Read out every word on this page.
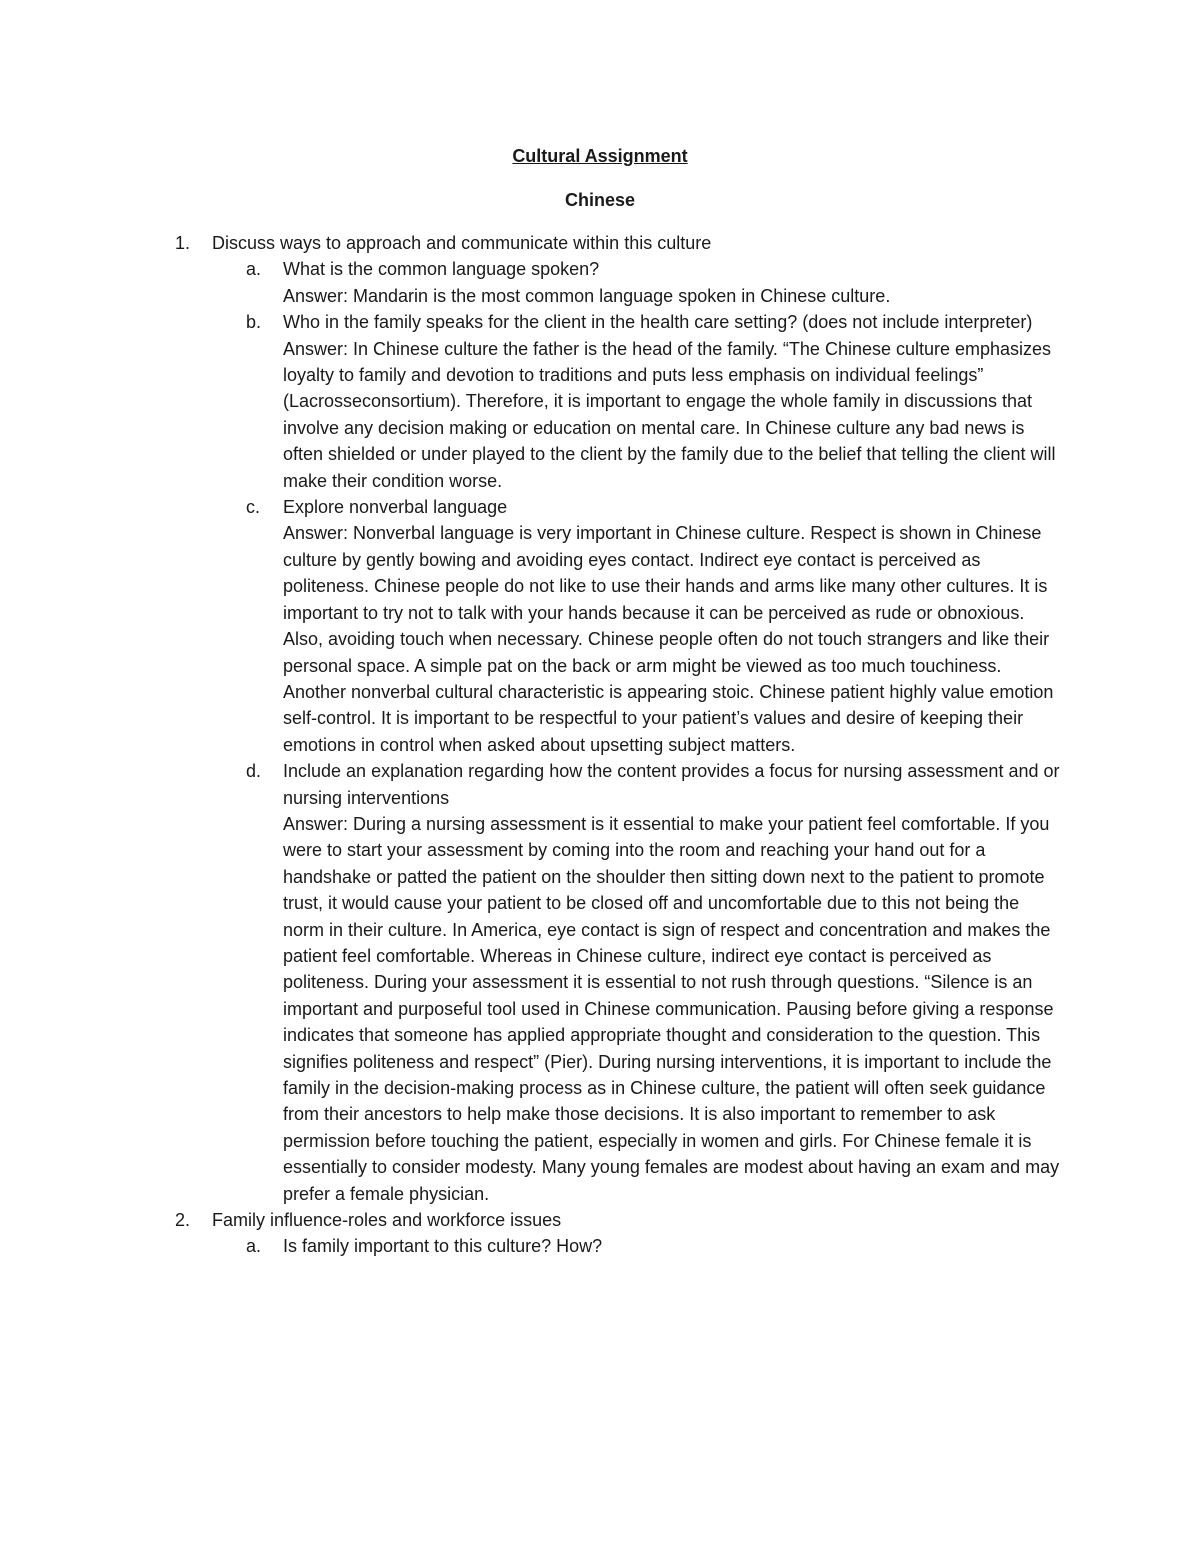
Cultural Assignment
Chinese
1. Discuss ways to approach and communicate within this culture
a. What is the common language spoken?
Answer: Mandarin is the most common language spoken in Chinese culture.
b. Who in the family speaks for the client in the health care setting? (does not include interpreter)
Answer: In Chinese culture the father is the head of the family. “The Chinese culture emphasizes loyalty to family and devotion to traditions and puts less emphasis on individual feelings” (Lacrosseconsortium). Therefore, it is important to engage the whole family in discussions that involve any decision making or education on mental care. In Chinese culture any bad news is often shielded or under played to the client by the family due to the belief that telling the client will make their condition worse.
c. Explore nonverbal language
Answer: Nonverbal language is very important in Chinese culture. Respect is shown in Chinese culture by gently bowing and avoiding eyes contact. Indirect eye contact is perceived as politeness. Chinese people do not like to use their hands and arms like many other cultures. It is important to try not to talk with your hands because it can be perceived as rude or obnoxious. Also, avoiding touch when necessary. Chinese people often do not touch strangers and like their personal space. A simple pat on the back or arm might be viewed as too much touchiness. Another nonverbal cultural characteristic is appearing stoic. Chinese patient highly value emotion self-control. It is important to be respectful to your patient’s values and desire of keeping their emotions in control when asked about upsetting subject matters.
d. Include an explanation regarding how the content provides a focus for nursing assessment and or nursing interventions
Answer: During a nursing assessment is it essential to make your patient feel comfortable. If you were to start your assessment by coming into the room and reaching your hand out for a handshake or patted the patient on the shoulder then sitting down next to the patient to promote trust, it would cause your patient to be closed off and uncomfortable due to this not being the norm in their culture. In America, eye contact is sign of respect and concentration and makes the patient feel comfortable. Whereas in Chinese culture, indirect eye contact is perceived as politeness. During your assessment it is essential to not rush through questions. “Silence is an important and purposeful tool used in Chinese communication. Pausing before giving a response indicates that someone has applied appropriate thought and consideration to the question. This signifies politeness and respect” (Pier). During nursing interventions, it is important to include the family in the decision-making process as in Chinese culture, the patient will often seek guidance from their ancestors to help make those decisions. It is also important to remember to ask permission before touching the patient, especially in women and girls. For Chinese female it is essentially to consider modesty. Many young females are modest about having an exam and may prefer a female physician.
2. Family influence-roles and workforce issues
a. Is family important to this culture? How?
